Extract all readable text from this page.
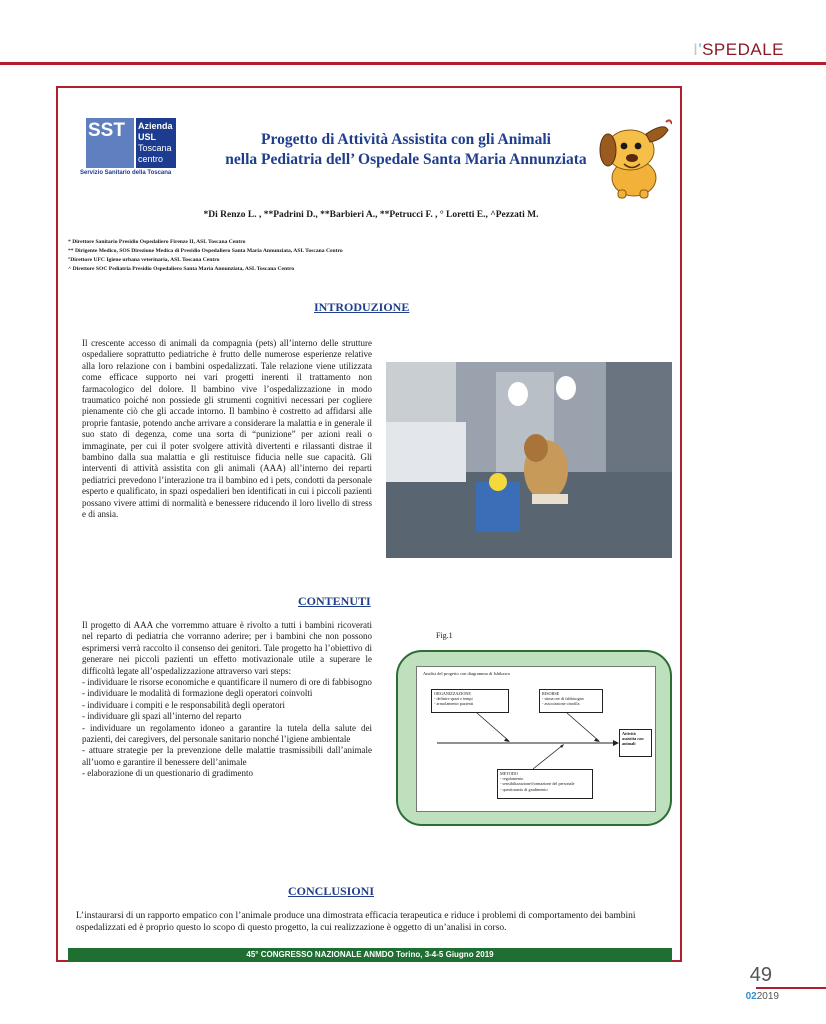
I'SPEDALE
SST Azienda
USL
Toscana
centro
Servizio Sanitario della Toscana
Progetto di Attività Assistita con gli Animali
nella Pediatria dell’ Ospedale Santa Maria Annunziata
*Di Renzo L. , **Padrini D., **Barbieri A., **Petrucci F. , ° Loretti E., ^Pezzati M.
* Direttore Sanitario Presidio Ospedaliero Firenze II, ASL Toscana Centro
** Dirigente Medico, SOS Direzione Medica di Presidio Ospedaliero Santa Maria Annunziata, ASL Toscana Centro
°Direttore UFC Igiene urbana veterinaria, ASL Toscana Centro
^ Direttore SOC Pediatria Presidio Ospedaliero Santa Maria Annunziata, ASL Toscana Centro
INTRODUZIONE
Il crescente accesso di animali da compagnia (pets) all’interno delle strutture ospedaliere soprattutto pediatriche è frutto delle numerose esperienze relative alla loro relazione con i bambini ospedalizzati. Tale relazione viene utilizzata come efficace supporto nei vari progetti inerenti il trattamento non farmacologico del dolore. Il bambino vive l’ospedalizzazione in modo traumatico poiché non possiede gli strumenti cognitivi necessari per cogliere pienamente ciò che gli accade intorno. Il bambino è costretto ad affidarsi alle proprie fantasie, potendo anche arrivare a considerare la malattia e in generale il suo stato di degenza, come una sorta di “punizione” per azioni reali o immaginate, per cui il poter svolgere attività divertenti e rilassanti distrae il bambino dalla sua malattia e gli restituisce fiducia nelle sue capacità. Gli interventi di attività assistita con gli animali (AAA) all’interno dei reparti pediatrici prevedono l’interazione tra il bambino ed i pets, condotti da personale esperto e qualificato, in spazi ospedalieri ben identificati in cui i piccoli pazienti possano vivere attimi di normalità e benessere riducendo il loro livello di stress e di ansia.
CONTENUTI
Il progetto di AAA che vorremmo attuare è rivolto a tutti i bambini ricoverati nel reparto di pediatria che vorranno aderire; per i bambini che non possono esprimersi verrà raccolto il consenso dei genitori. Tale progetto ha l’obiettivo di generare nei piccoli pazienti un effetto motivazionale utile a superare le difficoltà legate all’ospedalizzazione attraverso vari steps:
- individuare le risorse economiche e quantificare il numero di ore di fabbisogno
- individuare le modalità di formazione degli operatori coinvolti
- individuare i compiti e le responsabilità degli operatori
- individuare gli spazi all’interno del reparto
- individuare un regolamento idoneo a garantire la tutela della salute dei pazienti, dei caregivers, del personale sanitario nonché l’igiene ambientale
- attuare strategie per la prevenzione delle malattie trasmissibili dall’animale all’uomo e garantire il benessere dell’animale
- elaborazione di un questionario di gradimento
Fig.1
Analisi del progetto con diagramma di Ishikawa
ORGANIZZAZIONE
- definire spazi e tempi
- arruolamento pazienti
RISORSE
- stima ore di fabbisogno
- associazione cinofila
Attività assistita con animali
METODO
- regolamento
- sensibilizzazione/formazione del personale
- questionario di gradimento
CONCLUSIONI
L’instaurarsi di un rapporto empatico con l’animale produce una dimostrata efficacia terapeutica e riduce i problemi di comportamento dei bambini ospedalizzati ed è proprio questo lo scopo di questo progetto, la cui realizzazione è oggetto di un’analisi in corso.
45° CONGRESSO NAZIONALE ANMDO Torino, 3-4-5 Giugno 2019
49
022019
